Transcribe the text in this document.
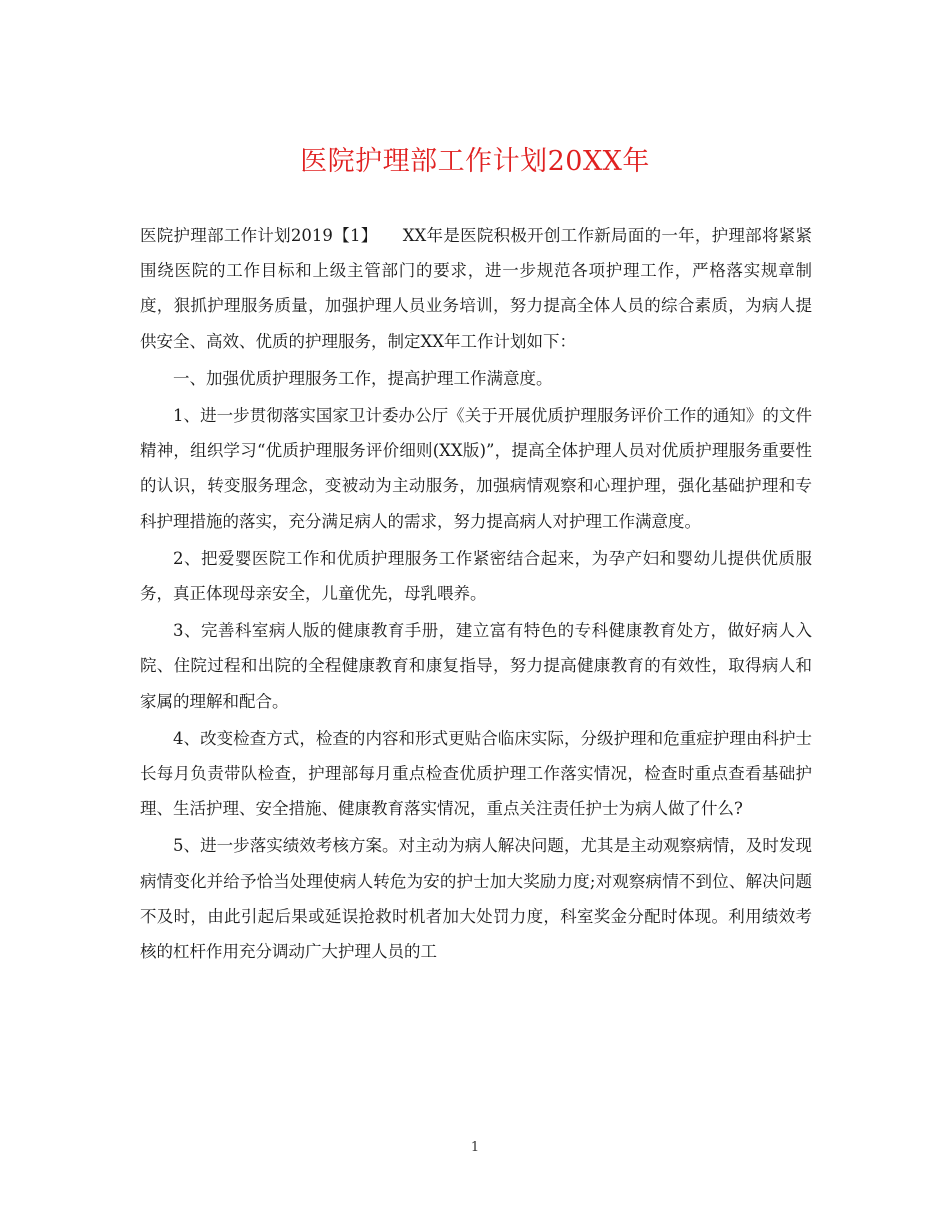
医院护理部工作计划20XX年

医院护理部工作计划2019【1】　　XX年是医院积极开创工作新局面的一年，护理部将紧紧围绕医院的工作目标和上级主管部门的要求，进一步规范各项护理工作，严格落实规章制度，狠抓护理服务质量，加强护理人员业务培训，努力提高全体人员的综合素质，为病人提供安全、高效、优质的护理服务，制定XX年工作计划如下：

一、加强优质护理服务工作，提高护理工作满意度。

1、进一步贯彻落实国家卫计委办公厅《关于开展优质护理服务评价工作的通知》的文件精神，组织学习“优质护理服务评价细则(XX版)”，提高全体护理人员对优质护理服务重要性的认识，转变服务理念，变被动为主动服务，加强病情观察和心理护理，强化基础护理和专科护理措施的落实，充分满足病人的需求，努力提高病人对护理工作满意度。

2、把爱婴医院工作和优质护理服务工作紧密结合起来，为孕产妇和婴幼儿提供优质服务，真正体现母亲安全，儿童优先，母乳喂养。

3、完善科室病人版的健康教育手册，建立富有特色的专科健康教育处方，做好病人入院、住院过程和出院的全程健康教育和康复指导，努力提高健康教育的有效性，取得病人和家属的理解和配合。

4、改变检查方式，检查的内容和形式更贴合临床实际，分级护理和危重症护理由科护士长每月负责带队检查，护理部每月重点检查优质护理工作落实情况，检查时重点查看基础护理、生活护理、安全措施、健康教育落实情况，重点关注责任护士为病人做了什么?

5、进一步落实绩效考核方案。对主动为病人解决问题，尤其是主动观察病情，及时发现病情变化并给予恰当处理使病人转危为安的护士加大奖励力度;对观察病情不到位、解决问题不及时，由此引起后果或延误抢救时机者加大处罚力度，科室奖金分配时体现。利用绩效考核的杠杆作用充分调动广大护理人员的工

1
